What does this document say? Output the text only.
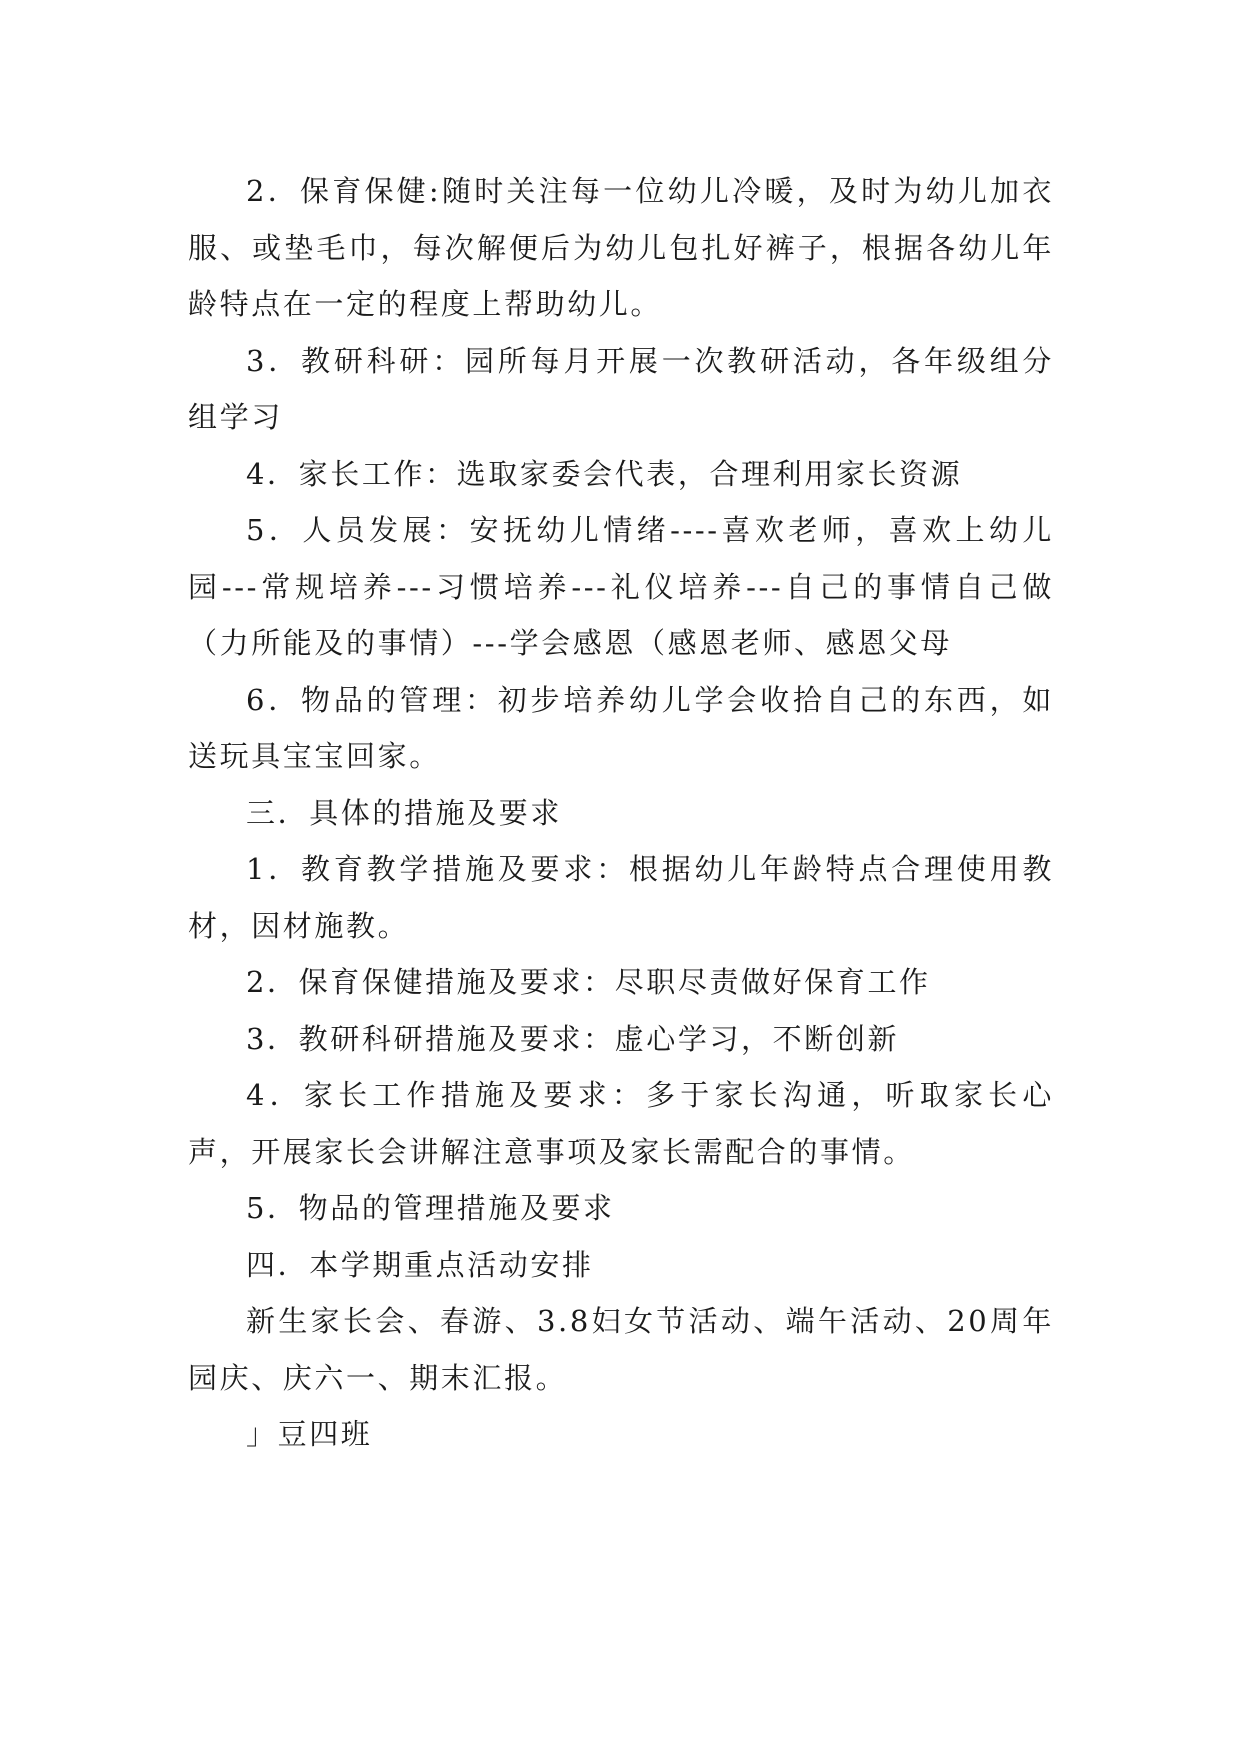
2．保育保健:随时关注每一位幼儿冷暖，及时为幼儿加衣服、或垫毛巾，每次解便后为幼儿包扎好裤子，根据各幼儿年龄特点在一定的程度上帮助幼儿。

3．教研科研：园所每月开展一次教研活动，各年级组分组学习

4．家长工作：选取家委会代表，合理利用家长资源

5．人员发展：安抚幼儿情绪----喜欢老师，喜欢上幼儿园---常规培养---习惯培养---礼仪培养---自己的事情自己做（力所能及的事情）---学会感恩（感恩老师、感恩父母

6．物品的管理：初步培养幼儿学会收拾自己的东西，如送玩具宝宝回家。

三．具体的措施及要求

1．教育教学措施及要求：根据幼儿年龄特点合理使用教材，因材施教。

2．保育保健措施及要求：尽职尽责做好保育工作

3．教研科研措施及要求：虚心学习，不断创新

4．家长工作措施及要求：多于家长沟通，听取家长心声，开展家长会讲解注意事项及家长需配合的事情。

5．物品的管理措施及要求

四．本学期重点活动安排

新生家长会、春游、3.8妇女节活动、端午活动、20周年园庆、庆六一、期末汇报。

」豆四班
